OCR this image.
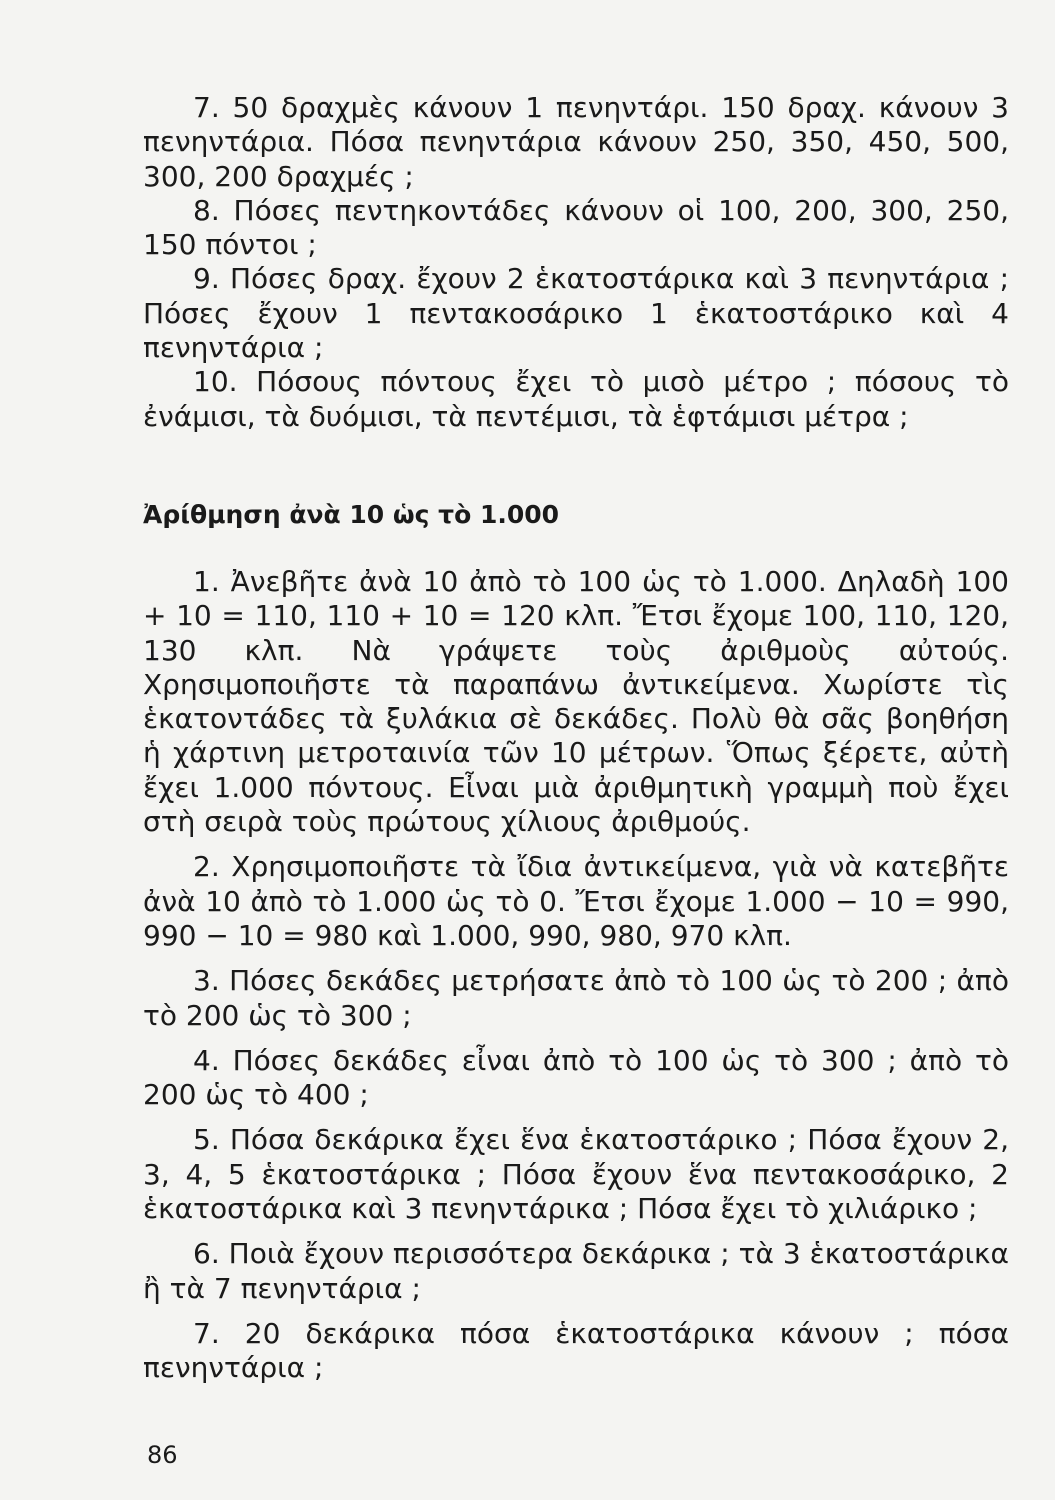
7. 50 δραχμὲς κάνουν 1 πενηντάρι. 150 δραχ. κάνουν 3 πενηντάρια. Πόσα πενηντάρια κάνουν 250, 350, 450, 500, 300, 200 δραχμές ;

8. Πόσες πεντηκοντάδες κάνουν οἱ 100, 200, 300, 250, 150 πόντοι ;

9. Πόσες δραχ. ἔχουν 2 ἑκατοστάρικα καὶ 3 πενηντάρια ; Πόσες ἔχουν 1 πεντακοσάρικο 1 ἑκατοστάρικο καὶ 4 πενηντάρια ;

10. Πόσους πόντους ἔχει τὸ μισὸ μέτρο ; πόσους τὸ ἐνάμισι, τὰ δυόμισι, τὰ πεντέμισι, τὰ ἑφτάμισι μέτρα ;

Ἀρίθμηση ἀνὰ 10 ὡς τὸ 1.000

1. Ἀνεβῆτε ἀνὰ 10 ἀπὸ τὸ 100 ὡς τὸ 1.000. Δηλαδὴ 100 + 10 = 110, 110 + 10 = 120 κλπ. Ἔτσι ἔχομε 100, 110, 120, 130 κλπ. Νὰ γράψετε τοὺς ἀριθμοὺς αὐτούς. Χρησιμοποιῆστε τὰ παραπάνω ἀντικείμενα. Χωρίστε τὶς ἑκατοντάδες τὰ ξυλάκια σὲ δεκάδες. Πολὺ θὰ σᾶς βοηθήση ἡ χάρτινη μετροταινία τῶν 10 μέτρων. Ὅπως ξέρετε, αὐτὴ ἔχει 1.000 πόντους. Εἶναι μιὰ ἀριθμητικὴ γραμμὴ ποὺ ἔχει στὴ σειρὰ τοὺς πρώτους χίλιους ἀριθμούς.

2. Χρησιμοποιῆστε τὰ ἴδια ἀντικείμενα, γιὰ νὰ κατεβῆτε ἀνὰ 10 ἀπὸ τὸ 1.000 ὡς τὸ 0. Ἔτσι ἔχομε 1.000 − 10 = 990, 990 − 10 = 980 καὶ 1.000, 990, 980, 970 κλπ.

3. Πόσες δεκάδες μετρήσατε ἀπὸ τὸ 100 ὡς τὸ 200 ; ἀπὸ τὸ 200 ὡς τὸ 300 ;

4. Πόσες δεκάδες εἶναι ἀπὸ τὸ 100 ὡς τὸ 300 ; ἀπὸ τὸ 200 ὡς τὸ 400 ;

5. Πόσα δεκάρικα ἔχει ἕνα ἑκατοστάρικο ; Πόσα ἔχουν 2, 3, 4, 5 ἑκατοστάρικα ; Πόσα ἔχουν ἕνα πεντακοσάρικο, 2 ἑκατοστάρικα καὶ 3 πενηντάρικα ; Πόσα ἔχει τὸ χιλιάρικο ;

6. Ποιὰ ἔχουν περισσότερα δεκάρικα ; τὰ 3 ἑκατοστάρικα ἢ τὰ 7 πενηντάρια ;

7. 20 δεκάρικα πόσα ἑκατοστάρικα κάνουν ; πόσα πενηντάρια ;

86
